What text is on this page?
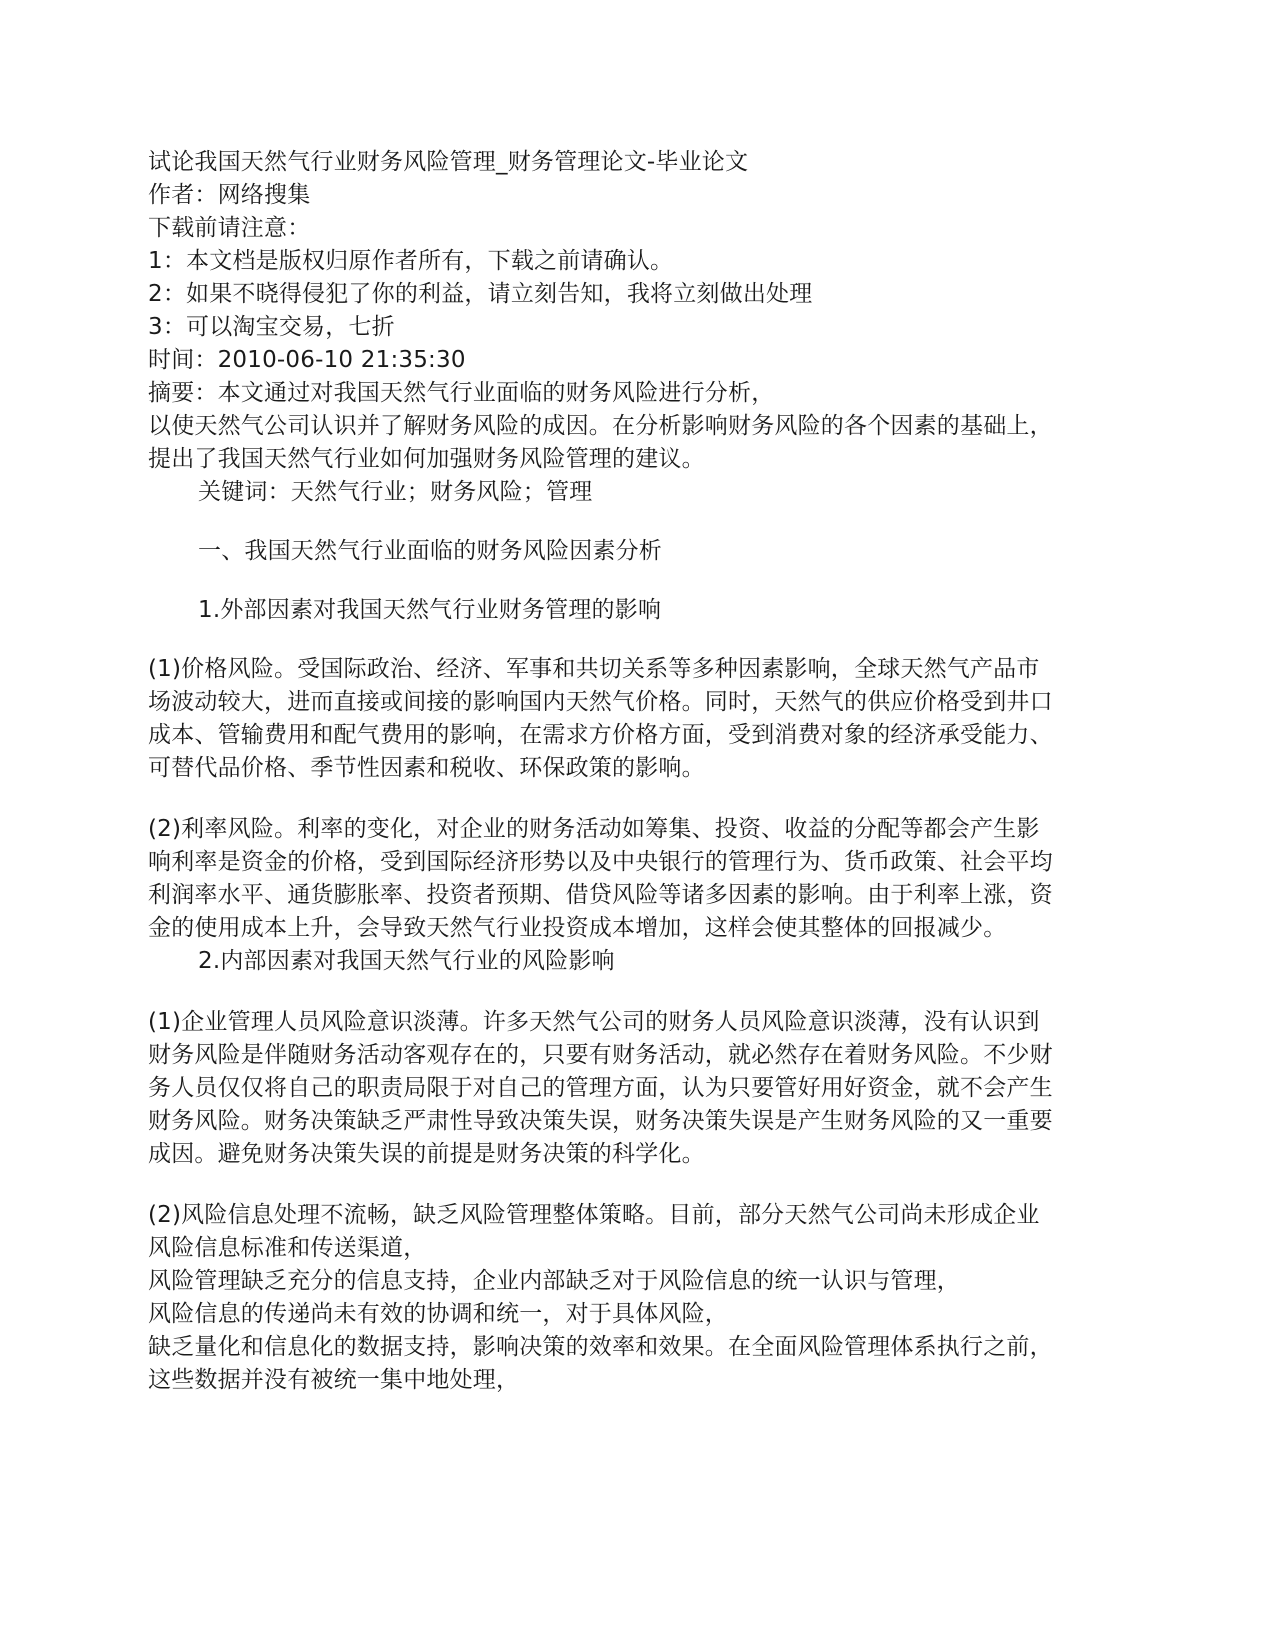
试论我国天然气行业财务风险管理_财务管理论文-毕业论文
作者：网络搜集
下载前请注意：
1：本文档是版权归原作者所有，下载之前请确认。
2：如果不晓得侵犯了你的利益，请立刻告知，我将立刻做出处理
3：可以淘宝交易，七折
时间：2010-06-10 21:35:30
摘要：本文通过对我国天然气行业面临的财务风险进行分析，
以使天然气公司认识并了解财务风险的成因。在分析影响财务风险的各个因素的基础上，
提出了我国天然气行业如何加强财务风险管理的建议。
关键词：天然气行业；财务风险；管理
一、我国天然气行业面临的财务风险因素分析
1.外部因素对我国天然气行业财务管理的影响
(1)价格风险。受国际政治、经济、军事和共切关系等多种因素影响，全球天然气产品市
场波动较大，进而直接或间接的影响国内天然气价格。同时，天然气的供应价格受到井口
成本、管输费用和配气费用的影响，在需求方价格方面，受到消费对象的经济承受能力、
可替代品价格、季节性因素和税收、环保政策的影响。
(2)利率风险。利率的变化，对企业的财务活动如筹集、投资、收益的分配等都会产生影
响利率是资金的价格，受到国际经济形势以及中央银行的管理行为、货币政策、社会平均
利润率水平、通货膨胀率、投资者预期、借贷风险等诸多因素的影响。由于利率上涨，资
金的使用成本上升，会导致天然气行业投资成本增加，这样会使其整体的回报减少。
2.内部因素对我国天然气行业的风险影响
(1)企业管理人员风险意识淡薄。许多天然气公司的财务人员风险意识淡薄，没有认识到
财务风险是伴随财务活动客观存在的，只要有财务活动，就必然存在着财务风险。不少财
务人员仅仅将自己的职责局限于对自己的管理方面，认为只要管好用好资金，就不会产生
财务风险。财务决策缺乏严肃性导致决策失误，财务决策失误是产生财务风险的又一重要
成因。避免财务决策失误的前提是财务决策的科学化。
(2)风险信息处理不流畅，缺乏风险管理整体策略。目前，部分天然气公司尚未形成企业
风险信息标准和传送渠道，
风险管理缺乏充分的信息支持，企业内部缺乏对于风险信息的统一认识与管理，
风险信息的传递尚未有效的协调和统一，对于具体风险，
缺乏量化和信息化的数据支持，影响决策的效率和效果。在全面风险管理体系执行之前，
这些数据并没有被统一集中地处理，
